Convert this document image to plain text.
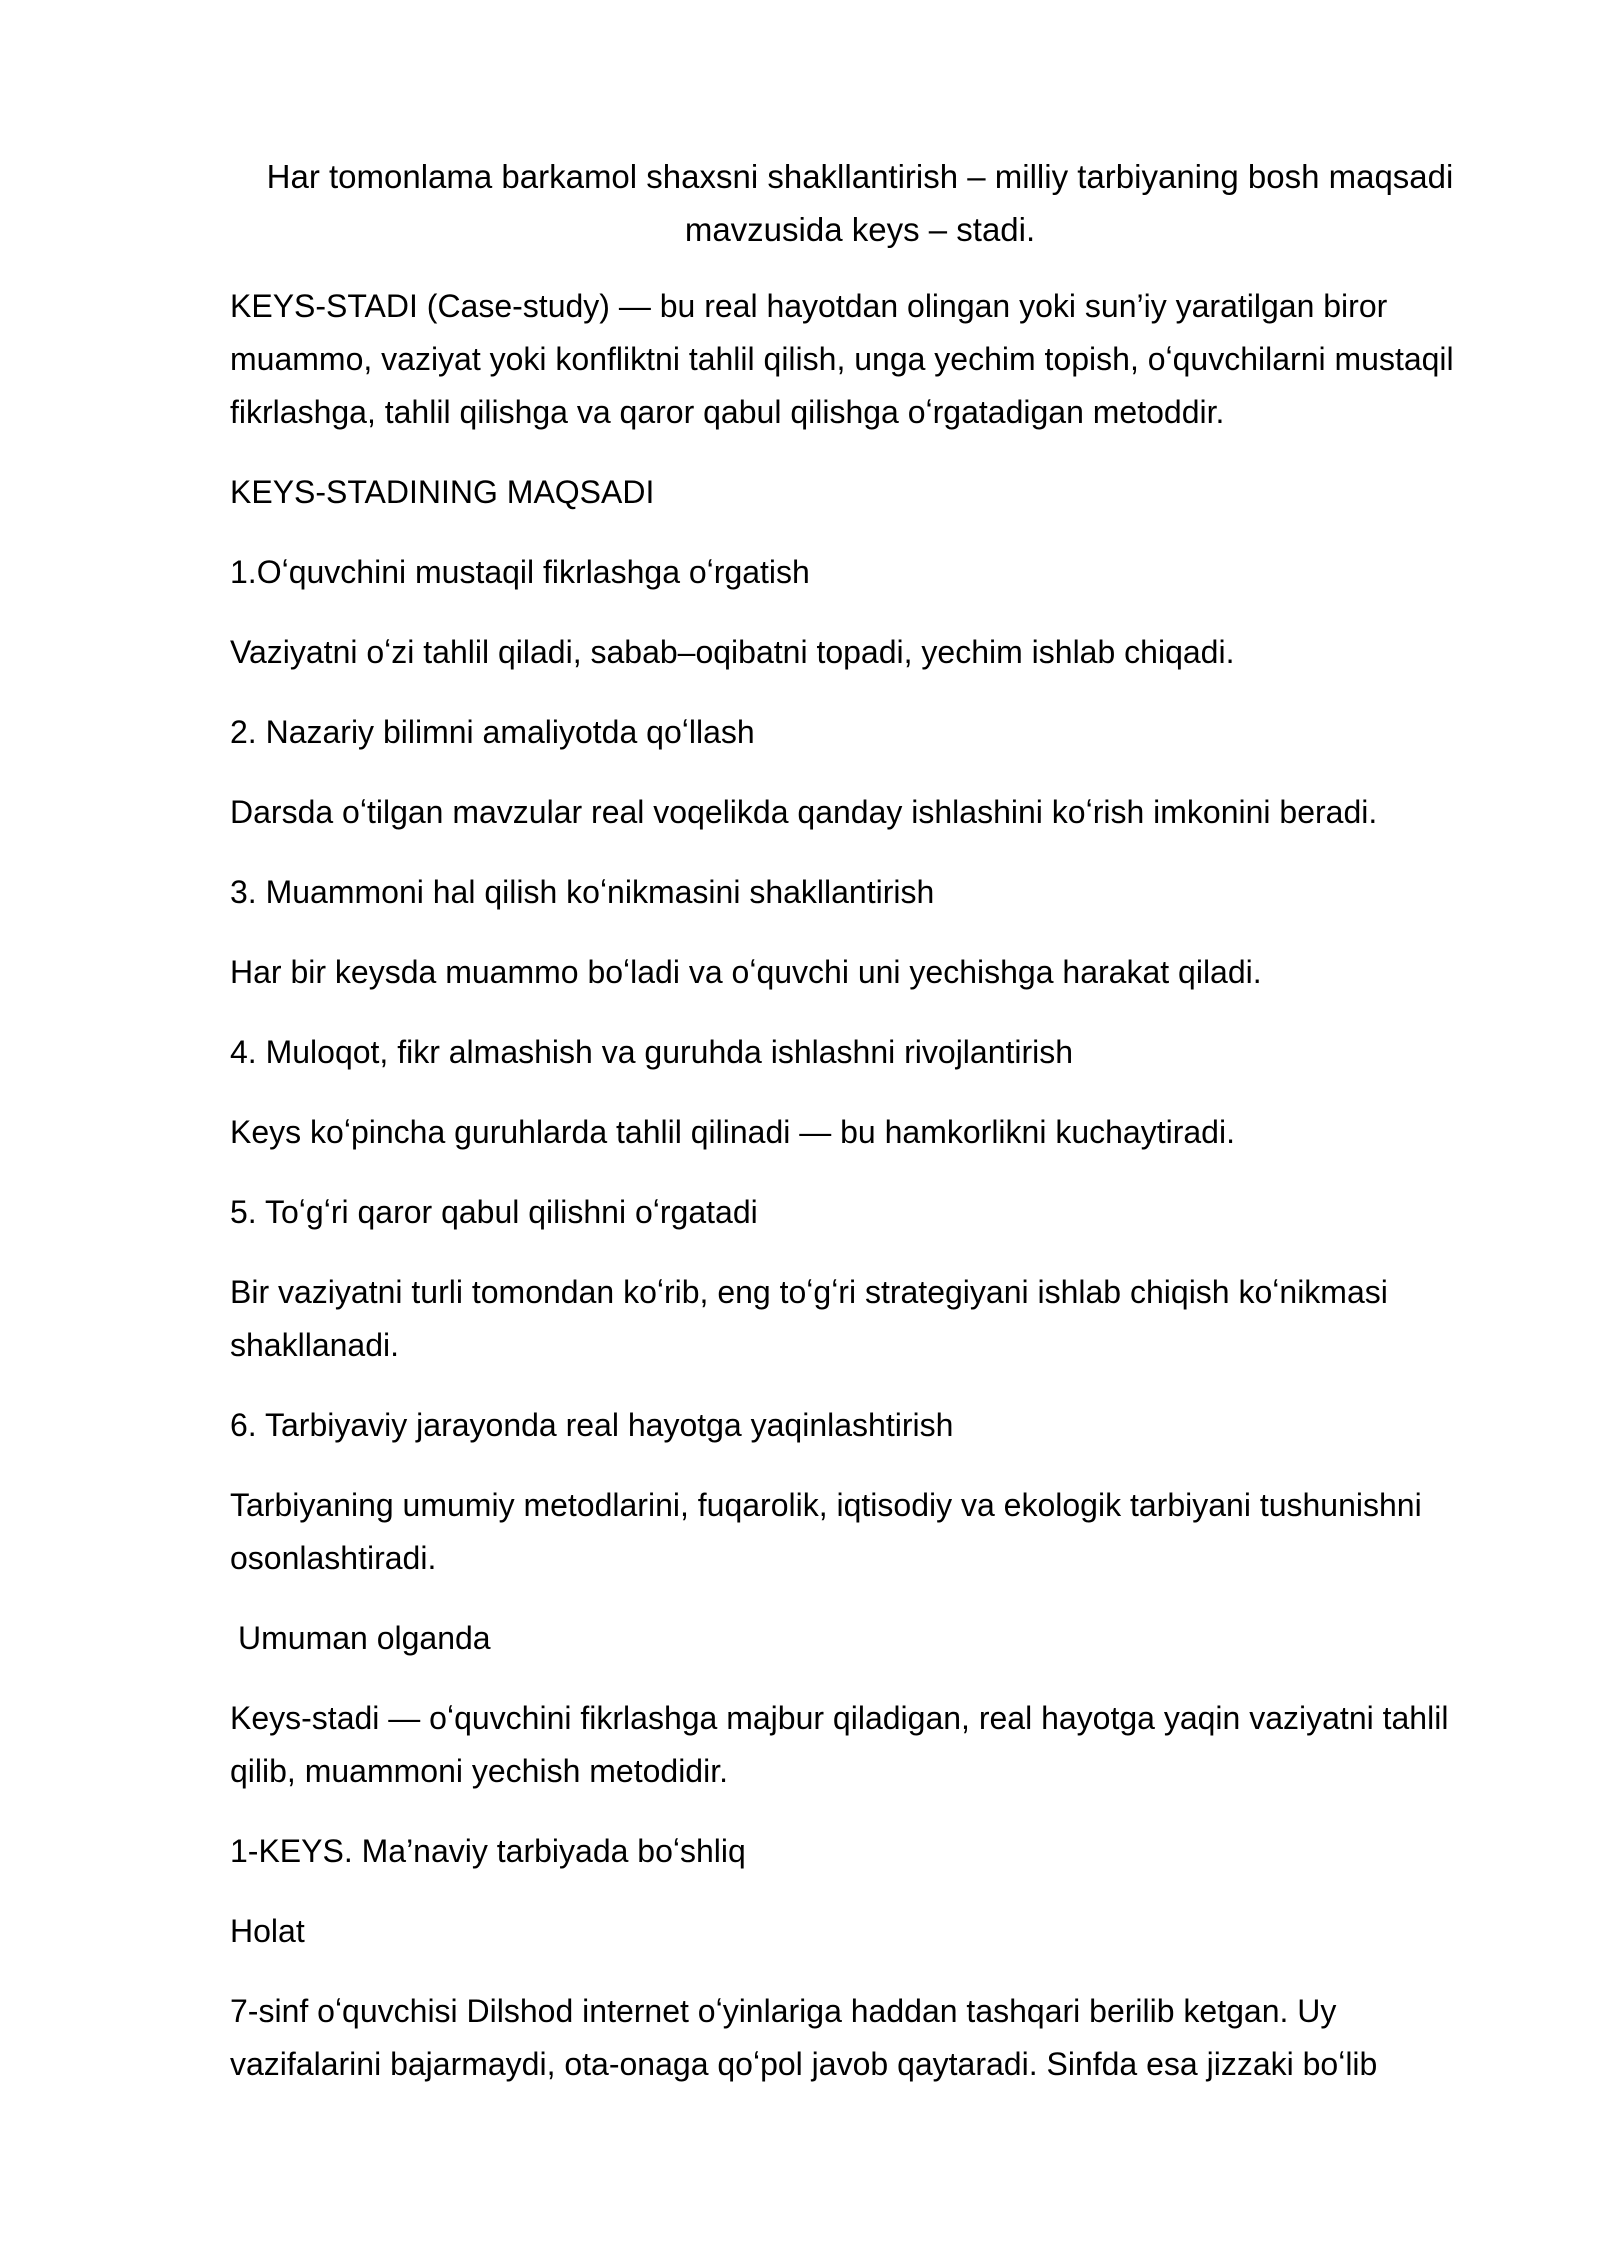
Har tomonlama barkamol shaxsni shakllantirish – milliy tarbiyaning bosh maqsadi mavzusida keys – stadi.
KEYS-STADI (Case-study) — bu real hayotdan olingan yoki sun’iy yaratilgan biror muammo, vaziyat yoki konfliktni tahlil qilish, unga yechim topish, oʻquvchilarni mustaqil fikrlashga, tahlil qilishga va qaror qabul qilishga oʻrgatadigan metoddir.
KEYS-STADINING MAQSADI
1.Oʻquvchini mustaqil fikrlashga oʻrgatish
Vaziyatni oʻzi tahlil qiladi, sabab–oqibatni topadi, yechim ishlab chiqadi.
2. Nazariy bilimni amaliyotda qoʻllash
Darsda oʻtilgan mavzular real voqelikda qanday ishlashini koʻrish imkonini beradi.
3. Muammoni hal qilish koʻnikmasini shakllantirish
Har bir keysda muammo boʻladi va oʻquvchi uni yechishga harakat qiladi.
4. Muloqot, fikr almashish va guruhda ishlashni rivojlantirish
Keys koʻpincha guruhlarda tahlil qilinadi — bu hamkorlikni kuchaytiradi.
5. Toʻgʻri qaror qabul qilishni oʻrgatadi
Bir vaziyatni turli tomondan koʻrib, eng toʻgʻri strategiyani ishlab chiqish koʻnikmasi shakllanadi.
6. Tarbiyaviy jarayonda real hayotga yaqinlashtirish
Tarbiyaning umumiy metodlarini, fuqarolik, iqtisodiy va ekologik tarbiyani tushunishni osonlashtiradi.
Umuman olganda
Keys-stadi — oʻquvchini fikrlashga majbur qiladigan, real hayotga yaqin vaziyatni tahlil qilib, muammoni yechish metodidir.
1-KEYS. Ma’naviy tarbiyada boʻshliq
Holat
7-sinf oʻquvchisi Dilshod internet oʻyinlariga haddan tashqari berilib ketgan. Uy vazifalarini bajarmaydi, ota-onaga qoʻpol javob qaytaradi. Sinfda esa jizzaki boʻlib
